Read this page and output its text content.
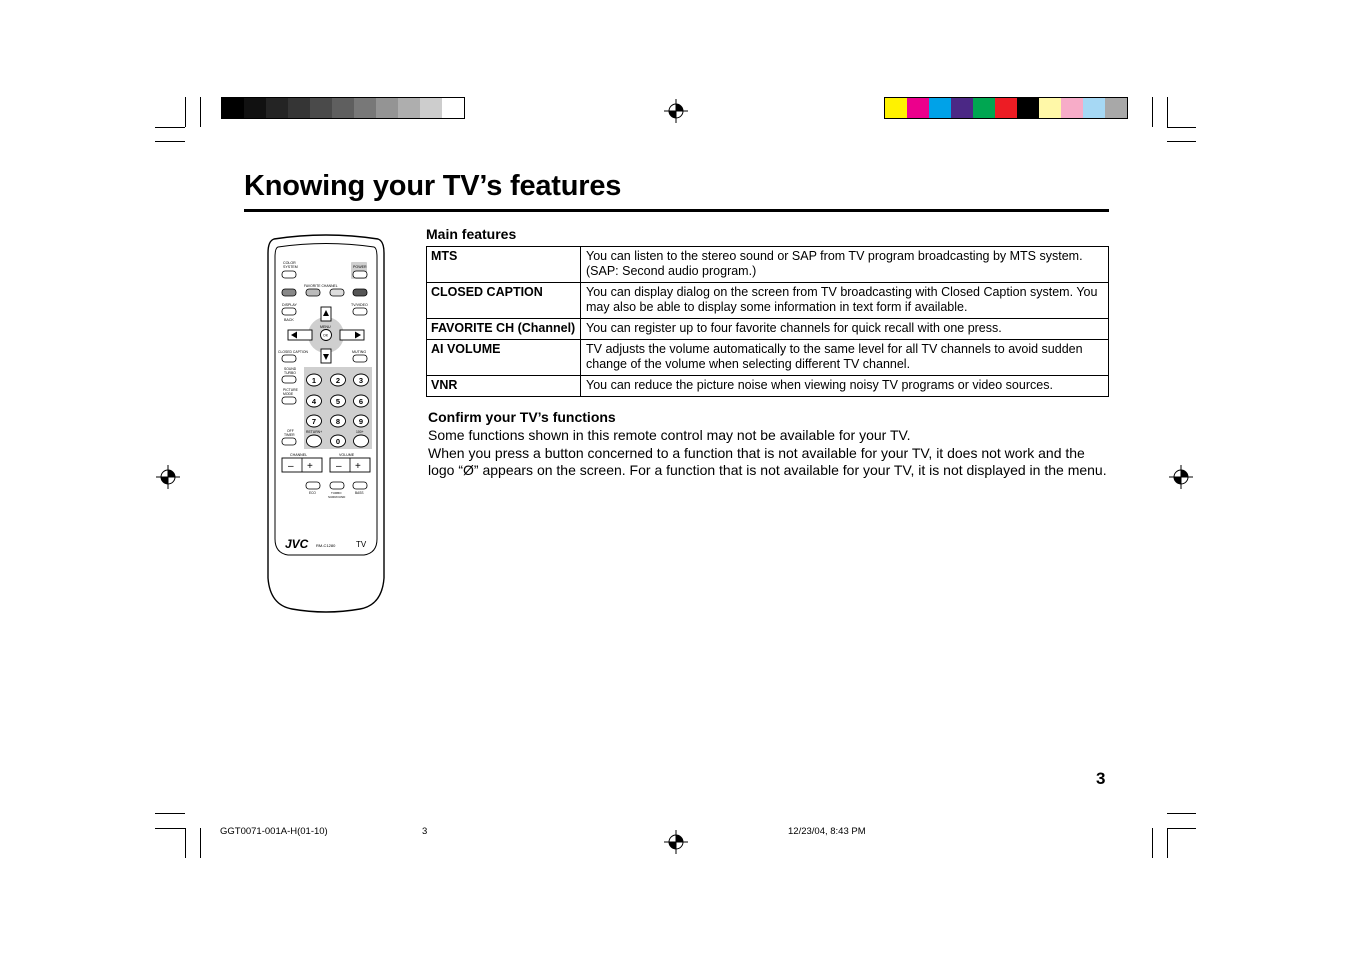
Knowing your TV’s features
COLOR
SYSTEM	POWER
FAVORITE CHANNEL
DISPLAY
BACK
TV/VIDEO
MENU
OK
CLOSED CAPTION	MUTING
SOUND
TURBO
PICTURE
MODE
1	2	3
4	5	6
7	8	9
0
OFF
TIMER
RETURN+	100+
CHANNEL	VOLUME
– + – +
ECO	TURBO
SURROUND
BASS
JVC RM-C1280	TV
Main features
MTS	You can listen to the stereo sound or SAP from TV program broadcasting by MTS system. (SAP: Second audio program.)
CLOSED CAPTION	You can display dialog on the screen from TV broadcasting with Closed Caption system. You may also be able to display some information in text form if available.
FAVORITE CH (Channel)	You can register up to four favorite channels for quick recall with one press.
AI VOLUME	TV adjusts the volume automatically to the same level for all TV channels to avoid sudden change of the volume when selecting different TV channel.
VNR	You can reduce the picture noise when viewing noisy TV programs or video sources.
Confirm your TV’s functions

Some functions shown in this remote control may not be available for your TV.

When you press a button concerned to a function that is not available for your TV, it does not work and the logo “Ø” appears on the screen. For a function that is not available for your TV, it is not displayed in the menu.

3
GGT0071-001A-H(01-10)	3	12/23/04, 8:43 PM
